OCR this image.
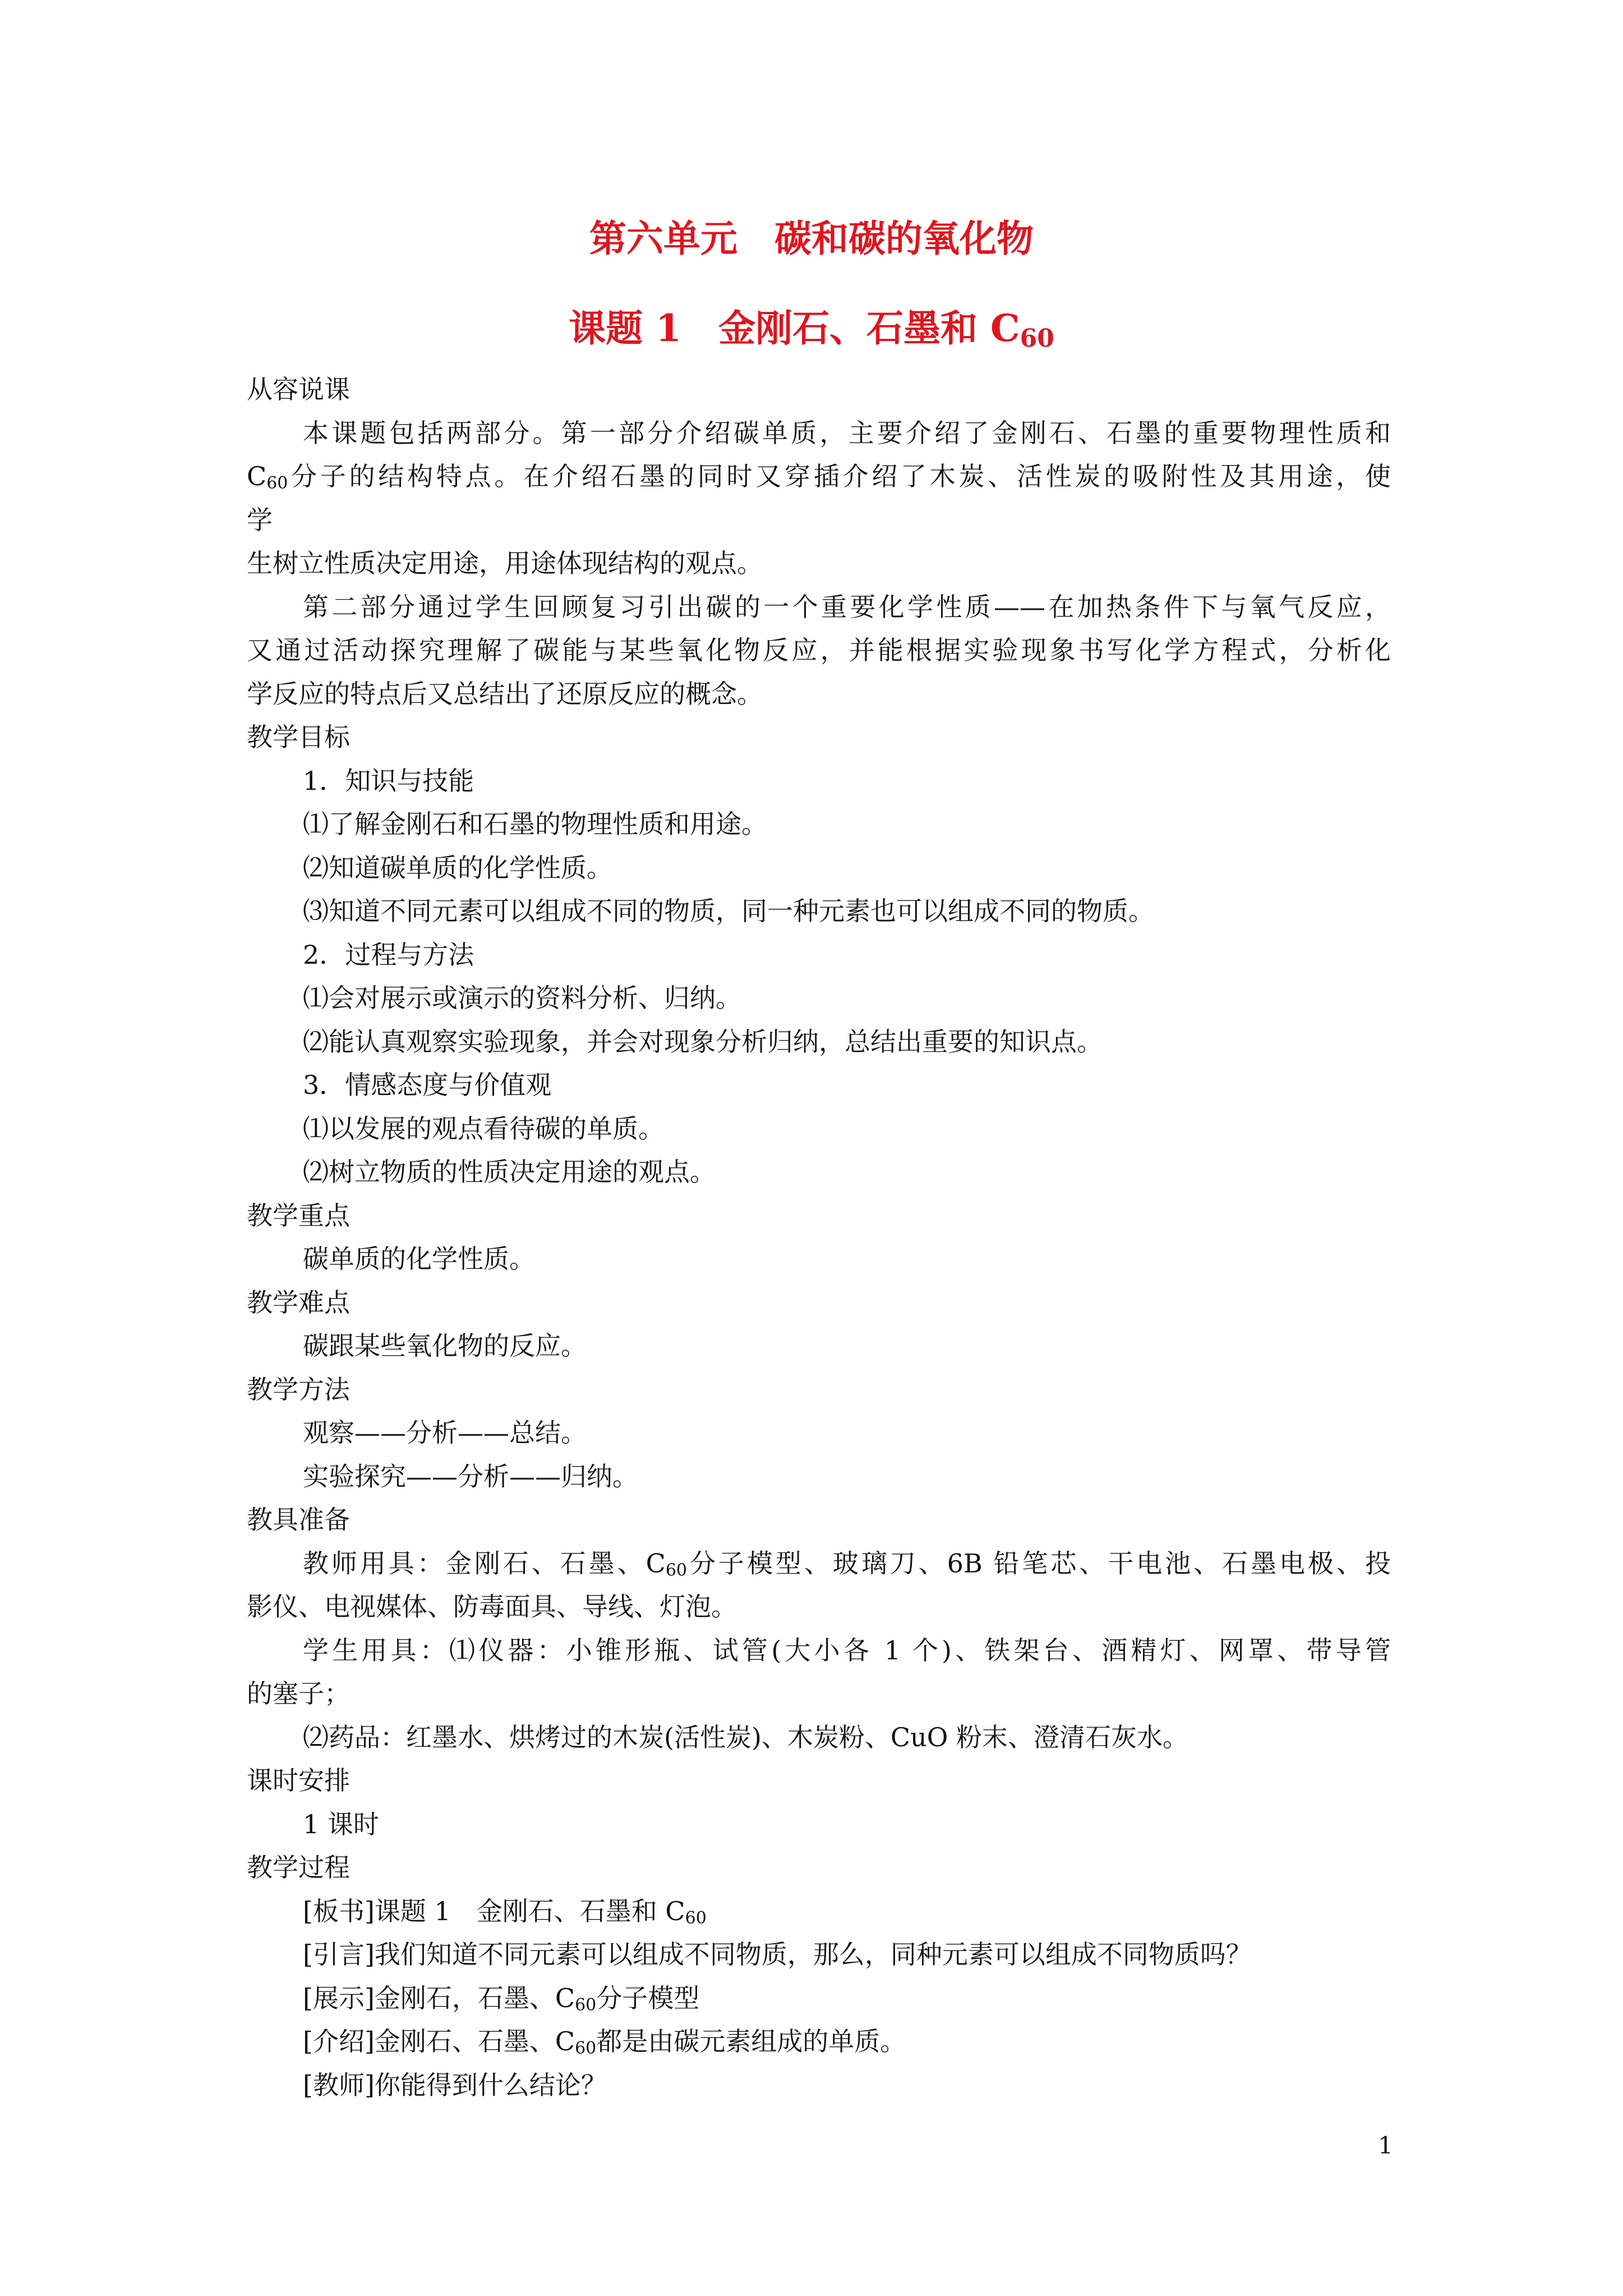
第六单元 碳和碳的氧化物
课题 1 金刚石、石墨和 $C_{60}$
从容说课
本课题包括两部分。第一部分介绍碳单质，主要介绍了金刚石、石墨的重要物理性质和
$C_{60}$分子的结构特点。在介绍石墨的同时又穿插介绍了木炭、活性炭的吸附性及其用途，使
学
生树立性质决定用途，用途体现结构的观点。
第二部分通过学生回顾复习引出碳的一个重要化学性质——在加热条件下与氧气反应，
又通过活动探究理解了碳能与某些氧化物反应，并能根据实验现象书写化学方程式，分析化
学反应的特点后又总结出了还原反应的概念。
教学目标
1．知识与技能
⑴了解金刚石和石墨的物理性质和用途。
⑵知道碳单质的化学性质。
⑶知道不同元素可以组成不同的物质，同一种元素也可以组成不同的物质。
2．过程与方法
⑴会对展示或演示的资料分析、归纳。
⑵能认真观察实验现象，并会对现象分析归纳，总结出重要的知识点。
3．情感态度与价值观
⑴以发展的观点看待碳的单质。
⑵树立物质的性质决定用途的观点。
教学重点
碳单质的化学性质。
教学难点
碳跟某些氧化物的反应。
教学方法
观察——分析——总结。
实验探究——分析——归纳。
教具准备
教师用具：金刚石、石墨、$C_{60}$分子模型、玻璃刀、6B 铅笔芯、干电池、石墨电极、投
影仪、电视媒体、防毒面具、导线、灯泡。
学生用具：⑴仪器：小锥形瓶、试管(大小各 1 个)、铁架台、酒精灯、网罩、带导管
的塞子；
⑵药品：红墨水、烘烤过的木炭(活性炭)、木炭粉、CuO 粉末、澄清石灰水。
课时安排
1 课时
教学过程
[板书]课题 1 金刚石、石墨和 $C_{60}$
[引言]我们知道不同元素可以组成不同物质，那么，同种元素可以组成不同物质吗？
[展示]金刚石，石墨、$C_{60}$分子模型
[介绍]金刚石、石墨、$C_{60}$都是由碳元素组成的单质。
[教师]你能得到什么结论？
1
